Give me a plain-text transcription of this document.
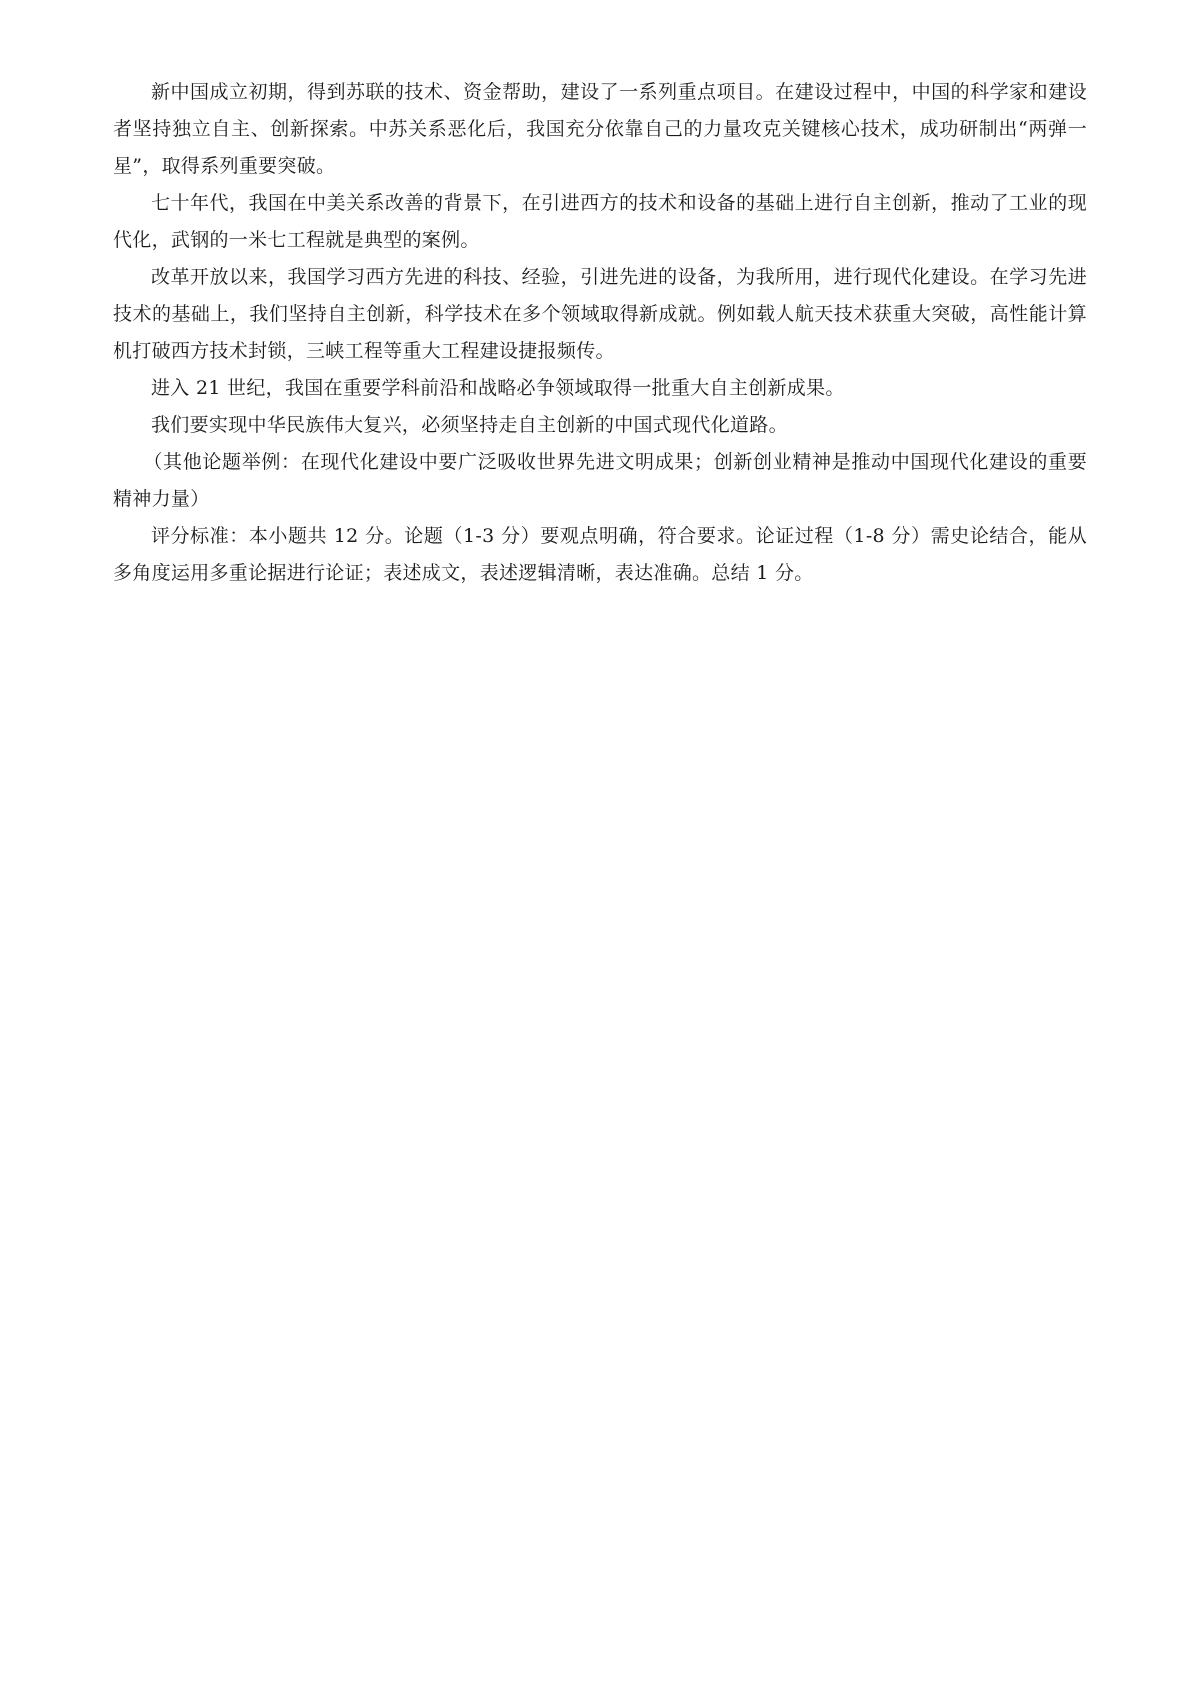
新中国成立初期，得到苏联的技术、资金帮助，建设了一系列重点项目。在建设过程中，中国的科学家和建设者坚持独立自主、创新探索。中苏关系恶化后，我国充分依靠自己的力量攻克关键核心技术，成功研制出“两弹一星”，取得系列重要突破。

七十年代，我国在中美关系改善的背景下，在引进西方的技术和设备的基础上进行自主创新，推动了工业的现代化，武钢的一米七工程就是典型的案例。

改革开放以来，我国学习西方先进的科技、经验，引进先进的设备，为我所用，进行现代化建设。在学习先进技术的基础上，我们坚持自主创新，科学技术在多个领域取得新成就。例如载人航天技术获重大突破，高性能计算机打破西方技术封锁，三峡工程等重大工程建设捷报频传。

进入 21 世纪，我国在重要学科前沿和战略必争领域取得一批重大自主创新成果。

我们要实现中华民族伟大复兴，必须坚持走自主创新的中国式现代化道路。

（其他论题举例：在现代化建设中要广泛吸收世界先进文明成果；创新创业精神是推动中国现代化建设的重要精神力量）

评分标准：本小题共 12 分。论题（1-3 分）要观点明确，符合要求。论证过程（1-8 分）需史论结合，能从多角度运用多重论据进行论证；表述成文，表述逻辑清晰，表达准确。总结 1 分。
